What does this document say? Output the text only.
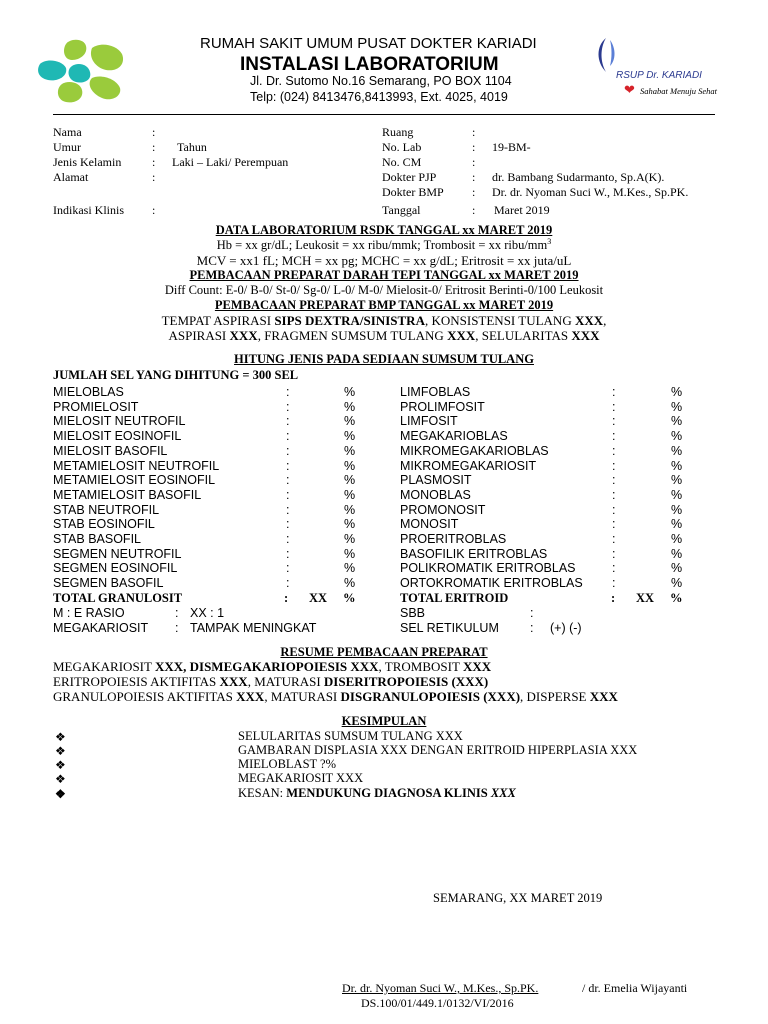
RSUP Dr. KARIADI
❤ Sahabat Menuju Sehat
RUMAH SAKIT UMUM PUSAT DOKTER KARIADI
INSTALASI LABORATORIUM
Jl. Dr. Sutomo No.16 Semarang, PO BOX 1104
Telp: (024) 8413476,8413993, Ext. 4025, 4019
Nama	:
Umur	: Tahun
Jenis Kelamin	: Laki – Laki/ Perempuan
Alamat	:
Indikasi Klinis :
Ruang	:
No. Lab	: 19-BM-
No. CM	:
Dokter PJP	: dr. Bambang Sudarmanto, Sp.A(K).
Dokter BMP : Dr. dr. Nyoman Suci W., M.Kes., Sp.PK.
Tanggal	: Maret 2019
DATA LABORATORIUM RSDK TANGGAL xx MARET 2019
Hb = xx gr/dL; Leukosit = xx ribu/mmk; Trombosit = xx ribu/$mm^3$
MCV = xx1 fL; MCH = xx pg; MCHC = xx g/dL; Eritrosit = xx juta/uL
PEMBACAAN PREPARAT DARAH TEPI TANGGAL xx MARET 2019
Diff Count: E-0/ B-0/ St-0/ Sg-0/ L-0/ M-0/ Mielosit-0/ Eritrosit Berinti-0/100 Leukosit
PEMBACAAN PREPARAT BMP TANGGAL xx MARET 2019
TEMPAT ASPIRASI SIPS DEXTRA/SINISTRA, KONSISTENSI TULANG XXX,
ASPIRASI XXX, FRAGMEN SUMSUM TULANG XXX, SELULARITAS XXX
HITUNG JENIS PADA SEDIAAN SUMSUM TULANG
JUMLAH SEL YANG DIHITUNG = 300 SEL
MIELOBLAS	:	%
PROMIELOSIT	:	%
MIELOSIT NEUTROFIL	:	%
MIELOSIT EOSINOFIL	:	%
MIELOSIT BASOFIL	:	%
METAMIELOSIT NEUTROFIL	:	%
METAMIELOSIT EOSINOFIL	:	%
METAMIELOSIT BASOFIL	:	%
STAB NEUTROFIL	:	%
STAB EOSINOFIL	:	%
STAB BASOFIL	:	%
SEGMEN NEUTROFIL	:	%
SEGMEN EOSINOFIL	:	%
SEGMEN BASOFIL	:	%
LIMFOBLAS	:	%
PROLIMFOSIT	:	%
LIMFOSIT	:	%
MEGAKARIOBLAS	:	%
MIKROMEGAKARIOBLAS	:	%
MIKROMEGAKARIOSIT	:	%
PLASMOSIT	:	%
MONOBLAS	:	%
PROMONOSIT	:	%
MONOSIT	:	%
PROERITROBLAS	:	%
BASOFILIK ERITROBLAS	:	%
POLIKROMATIK ERITROBLAS	:	%
ORTOKROMATIK ERITROBLAS :	%
TOTAL GRANULOSIT	: XX %	TOTAL ERITROID	: XX %
M : E RASIO	: XX : 1
MEGAKARIOSIT : TAMPAK MENINGKAT
SBB	:
SEL RETIKULUM : (+) (-)
RESUME PEMBACAAN PREPARAT
MEGAKARIOSIT XXX, DISMEGAKARIOPOIESIS XXX, TROMBOSIT XXX
ERITROPOIESIS AKTIFITAS XXX, MATURASI DISERITROPOIESIS (XXX)
GRANULOPOIESIS AKTIFITAS XXX, MATURASI DISGRANULOPOIESIS (XXX), DISPERSE XXX
KESIMPULAN
❖	SELULARITAS SUMSUM TULANG XXX
❖	GAMBARAN DISPLASIA XXX DENGAN ERITROID HIPERPLASIA XXX
❖	MIELOBLAST ?%
❖	MEGAKARIOSIT XXX
❖	KESAN: MENDUKUNG DIAGNOSA KLINIS XXX
SEMARANG, XX MARET 2019
Dr. dr. Nyoman Suci W., M.Kes., Sp.PK.	/ dr. Emelia Wijayanti
DS.100/01/449.1/0132/VI/2016
